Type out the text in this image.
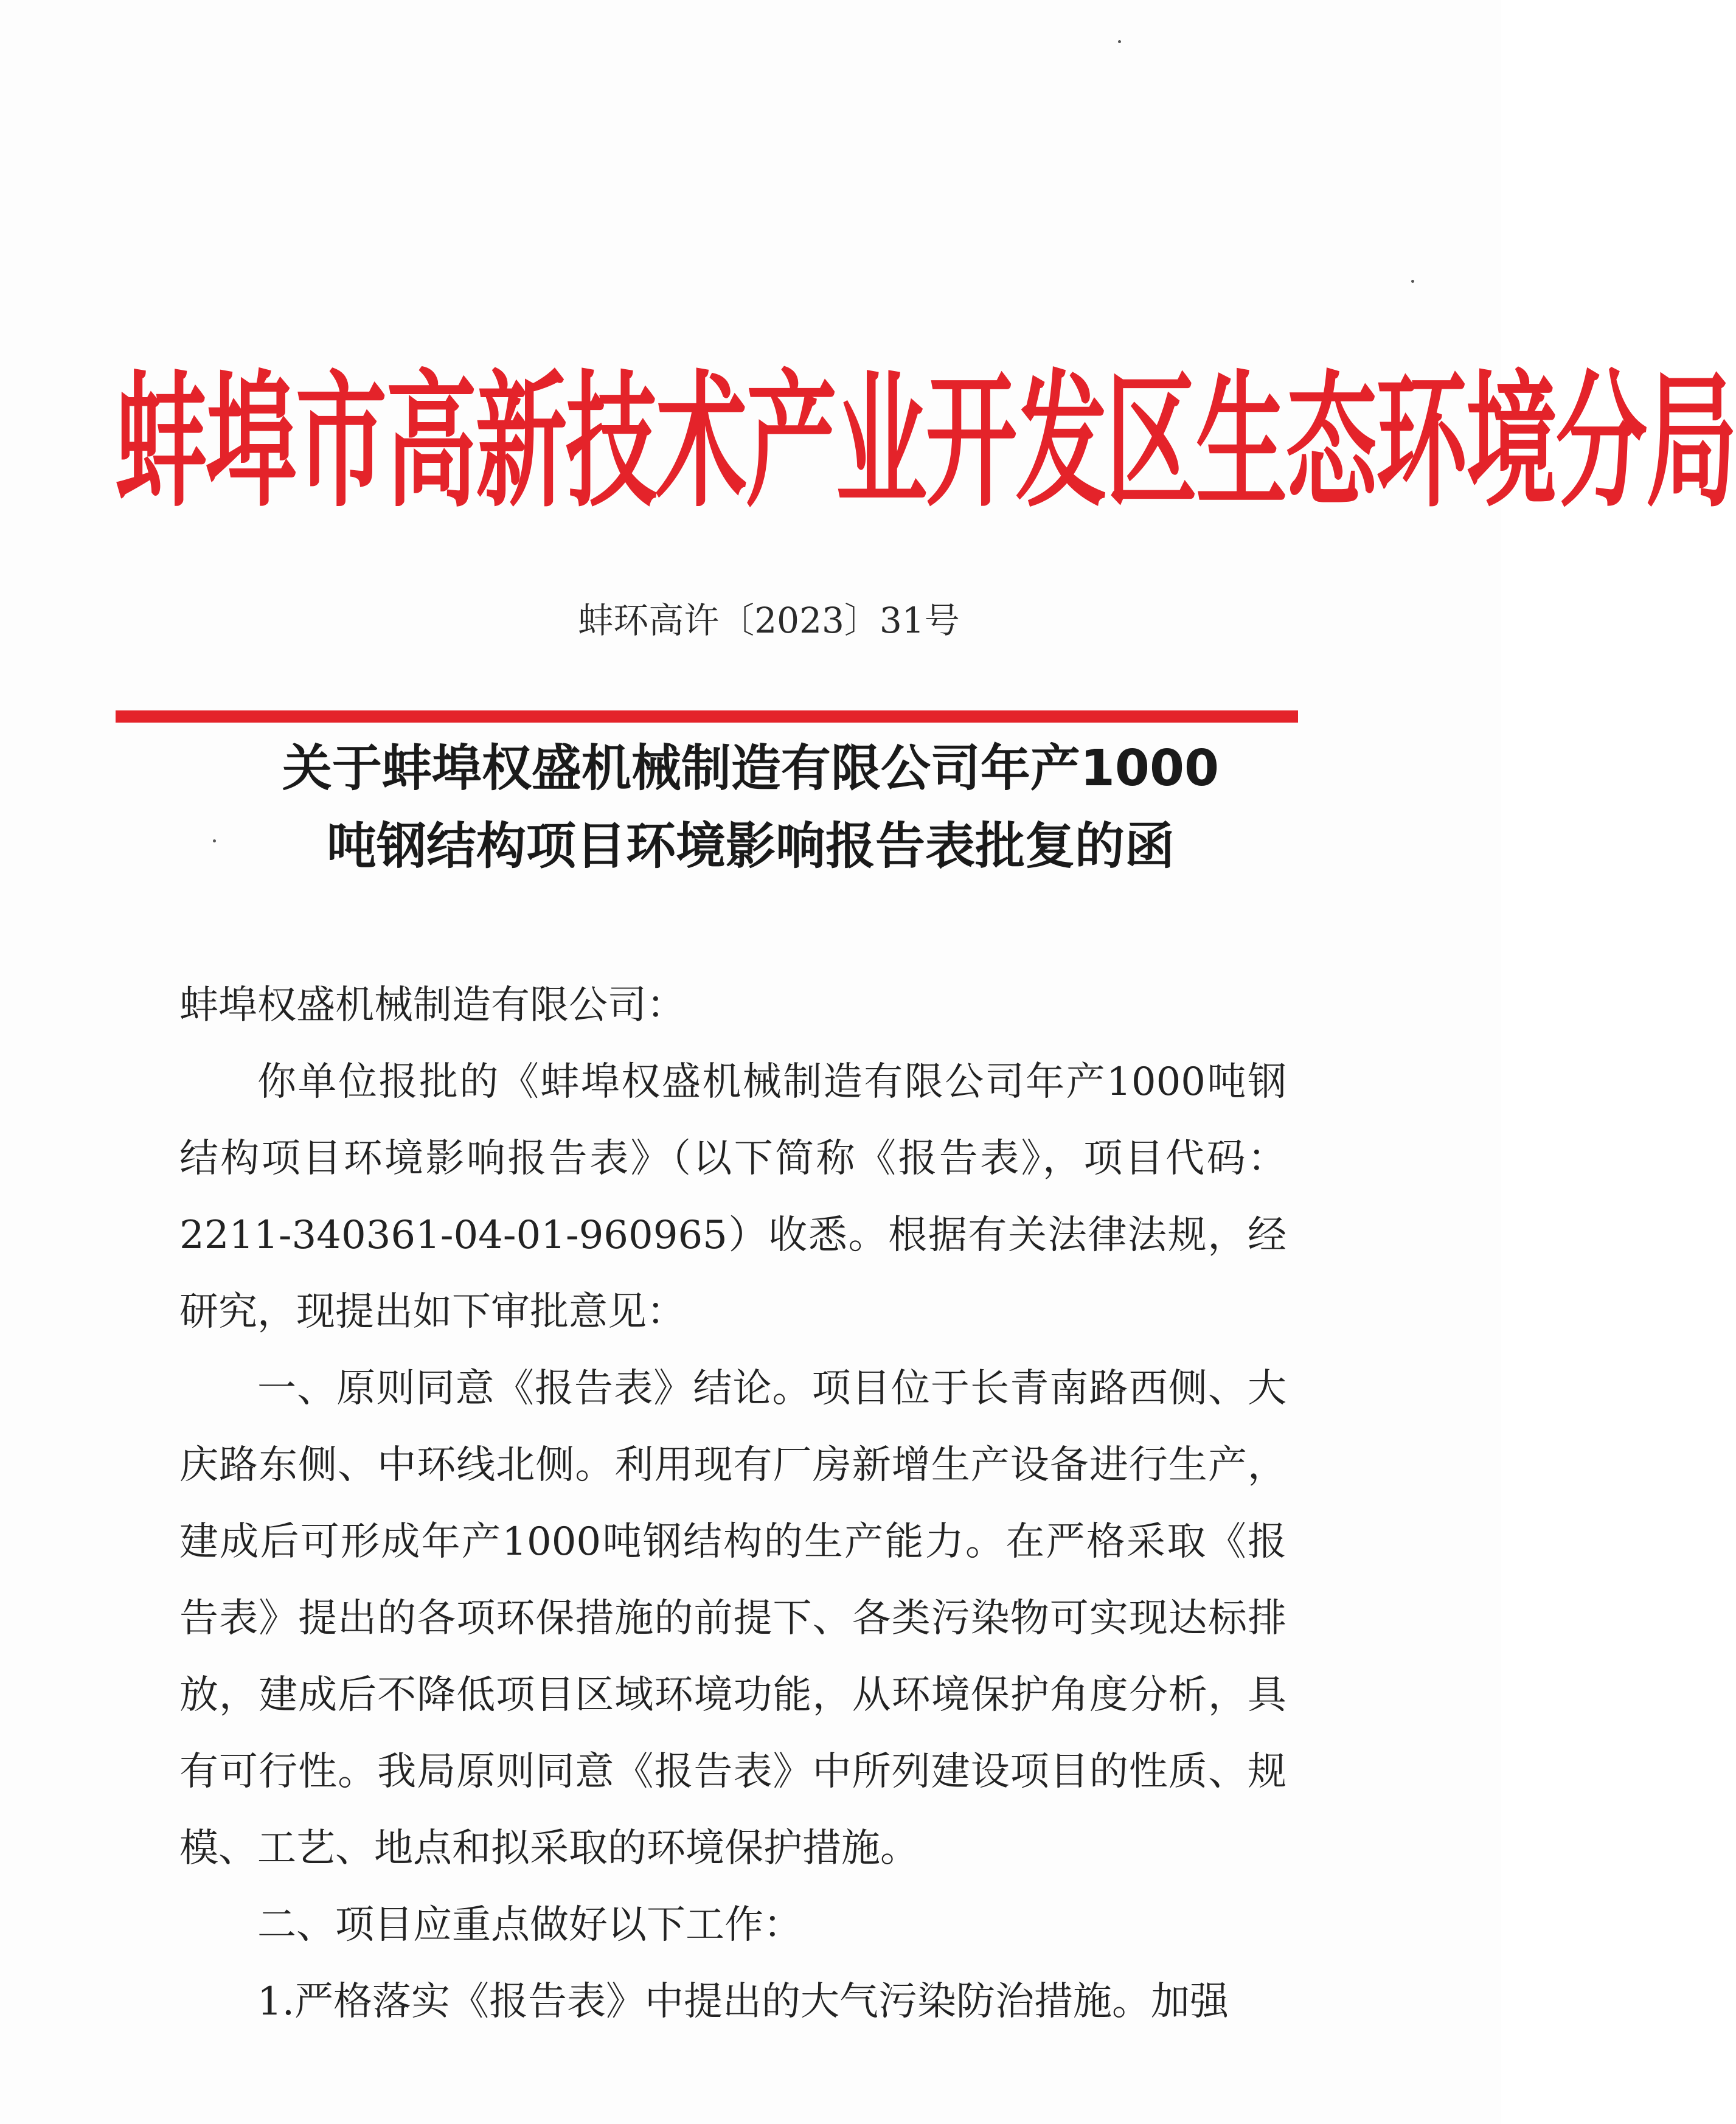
蚌埠市高新技术产业开发区生态环境分局
蚌环高许〔2023〕31号
关于蚌埠权盛机械制造有限公司年产1000
吨钢结构项目环境影响报告表批复的函

蚌埠权盛机械制造有限公司：

你单位报批的《蚌埠权盛机械制造有限公司年产1000吨钢结构项目环境影响报告表》（以下简称《报告表》，项目代码：2211-340361-04-01-960965）收悉。根据有关法律法规，经研究，现提出如下审批意见：

一、原则同意《报告表》结论。项目位于长青南路西侧、大庆路东侧、中环线北侧。利用现有厂房新增生产设备进行生产，建成后可形成年产1000吨钢结构的生产能力。在严格采取《报告表》提出的各项环保措施的前提下、各类污染物可实现达标排放，建成后不降低项目区域环境功能，从环境保护角度分析，具有可行性。我局原则同意《报告表》中所列建设项目的性质、规模、工艺、地点和拟采取的环境保护措施。

二、项目应重点做好以下工作：

1.严格落实《报告表》中提出的大气污染防治措施。加强
